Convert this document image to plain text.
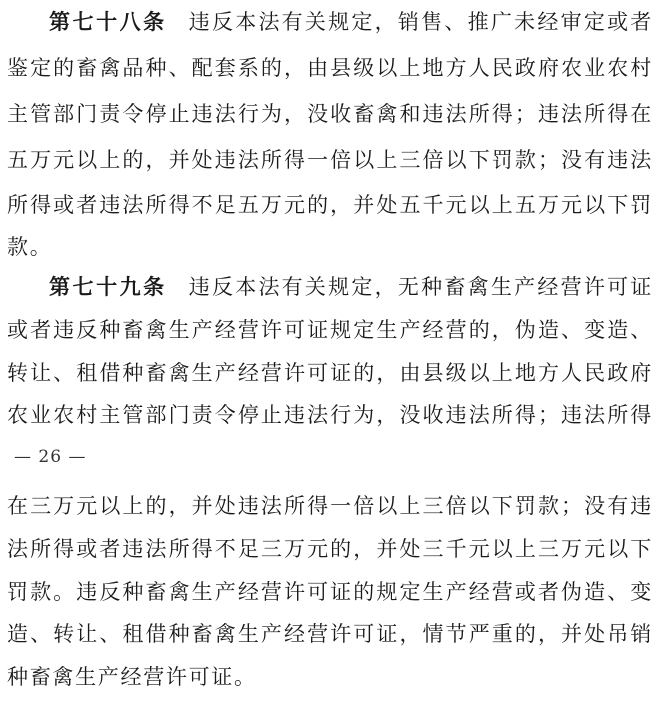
第七十八条 违反本法有关规定，销售、推广未经审定或者
鉴定的畜禽品种、配套系的，由县级以上地方人民政府农业农村
主管部门责令停止违法行为，没收畜禽和违法所得；违法所得在
五万元以上的，并处违法所得一倍以上三倍以下罚款；没有违法
所得或者违法所得不足五万元的，并处五千元以上五万元以下罚
款。
第七十九条 违反本法有关规定，无种畜禽生产经营许可证
或者违反种畜禽生产经营许可证规定生产经营的，伪造、变造、
转让、租借种畜禽生产经营许可证的，由县级以上地方人民政府
农业农村主管部门责令停止违法行为，没收违法所得；违法所得
— 26 —
在三万元以上的，并处违法所得一倍以上三倍以下罚款；没有违
法所得或者违法所得不足三万元的，并处三千元以上三万元以下
罚款。违反种畜禽生产经营许可证的规定生产经营或者伪造、变
造、转让、租借种畜禽生产经营许可证，情节严重的，并处吊销
种畜禽生产经营许可证。
